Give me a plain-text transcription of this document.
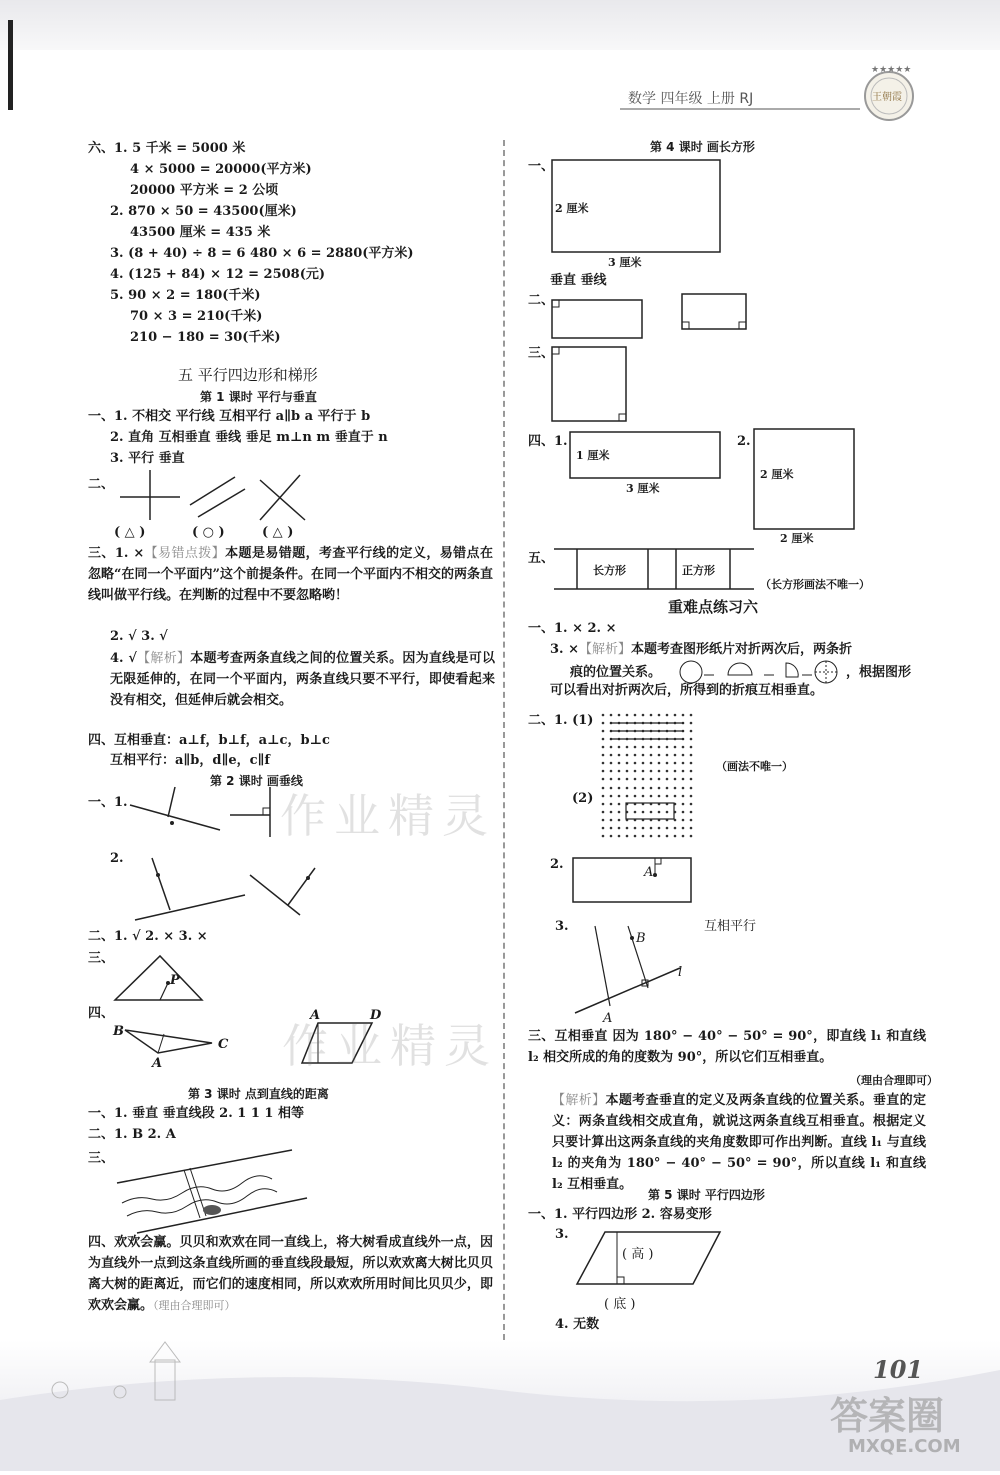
数学 四年级 上册 RJ
★★★★★
王朝霞
六、1. 5 千米 = 5000 米
4 × 5000 = 20000(平方米)
20000 平方米 = 2 公顷
2. 870 × 50 = 43500(厘米)
43500 厘米 = 435 米
3. (8 + 40) ÷ 8 = 6 480 × 6 = 2880(平方米)
4. (125 + 84) × 12 = 2508(元)
5. 90 × 2 = 180(千米)
70 × 3 = 210(千米)
210 − 180 = 30(千米)
五 平行四边形和梯形
第 1 课时 平行与垂直
一、1. 不相交 平行线 互相平行 a∥b a 平行于 b
2. 直角 互相垂直 垂线 垂足 m⊥n m 垂直于 n
3. 平行 垂直
二、
( △ )	( ○ )	( △ )
三、1. ×【易错点拨】本题是易错题，考查平行线的定义，易错点在忽略“在同一个平面内”这个前提条件。在同一个平面内不相交的两条直线叫做平行线。在判断的过程中不要忽略哟！
2. √ 3. √
4. √【解析】本题考查两条直线之间的位置关系。因为直线是可以无限延伸的，在同一个平面内，两条直线只要不平行，即使看起来没有相交，但延伸后就会相交。
四、互相垂直：a⊥f，b⊥f，a⊥c，b⊥c
互相平行：a∥b，d∥e，c∥f
第 2 课时 画垂线
一、1.
2.
二、1. √ 2. × 3. ×
三、
P
四、
B
A
C
A	D
第 3 课时 点到直线的距离
一、1. 垂直 垂直线段 2. 1 1 1 相等
二、1. B 2. A
三、
四、欢欢会赢。贝贝和欢欢在同一直线上，将大树看成直线外一点，因为直线外一点到这条直线所画的垂直线段最短，所以欢欢离大树比贝贝离大树的距离近，而它们的速度相同，所以欢欢所用时间比贝贝少，即欢欢会赢。（理由合理即可）
作业精灵
作业精灵
第 4 课时 画长方形
一、
2 厘米
3 厘米
垂直 垂线
二、
三、
四、1.
1 厘米
3 厘米
2.
2 厘米
2 厘米
五、
长方形	正方形
（长方形画法不唯一）
重难点练习六
一、1. × 2. ×
3. ×【解析】本题考查图形纸片对折两次后，两条折
痕的位置关系。	，根据图形可以看出对折两次后，所得到的折痕互相垂直。
二、1. (1)
（画法不唯一）
(2)
2.
A
3.
B
A
l
互相平行
三、互相垂直 因为 180° − 40° − 50° = 90°，即直线 l₁ 和直线 l₂ 相交所成的角的度数为 90°，所以它们互相垂直。
（理由合理即可）
【解析】本题考查垂直的定义及两条直线的位置关系。垂直的定义：两条直线相交成直角，就说这两条直线互相垂直。根据定义只要计算出这两条直线的夹角度数即可作出判断。直线 l₁ 与直线 l₂ 的夹角为 180° − 40° − 50° = 90°，所以直线 l₁ 和直线 l₂ 互相垂直。
第 5 课时 平行四边形
一、1. 平行四边形 2. 容易变形
3.
( 高 )
( 底 )
4. 无数
101
答案圈
MXQE.COM
